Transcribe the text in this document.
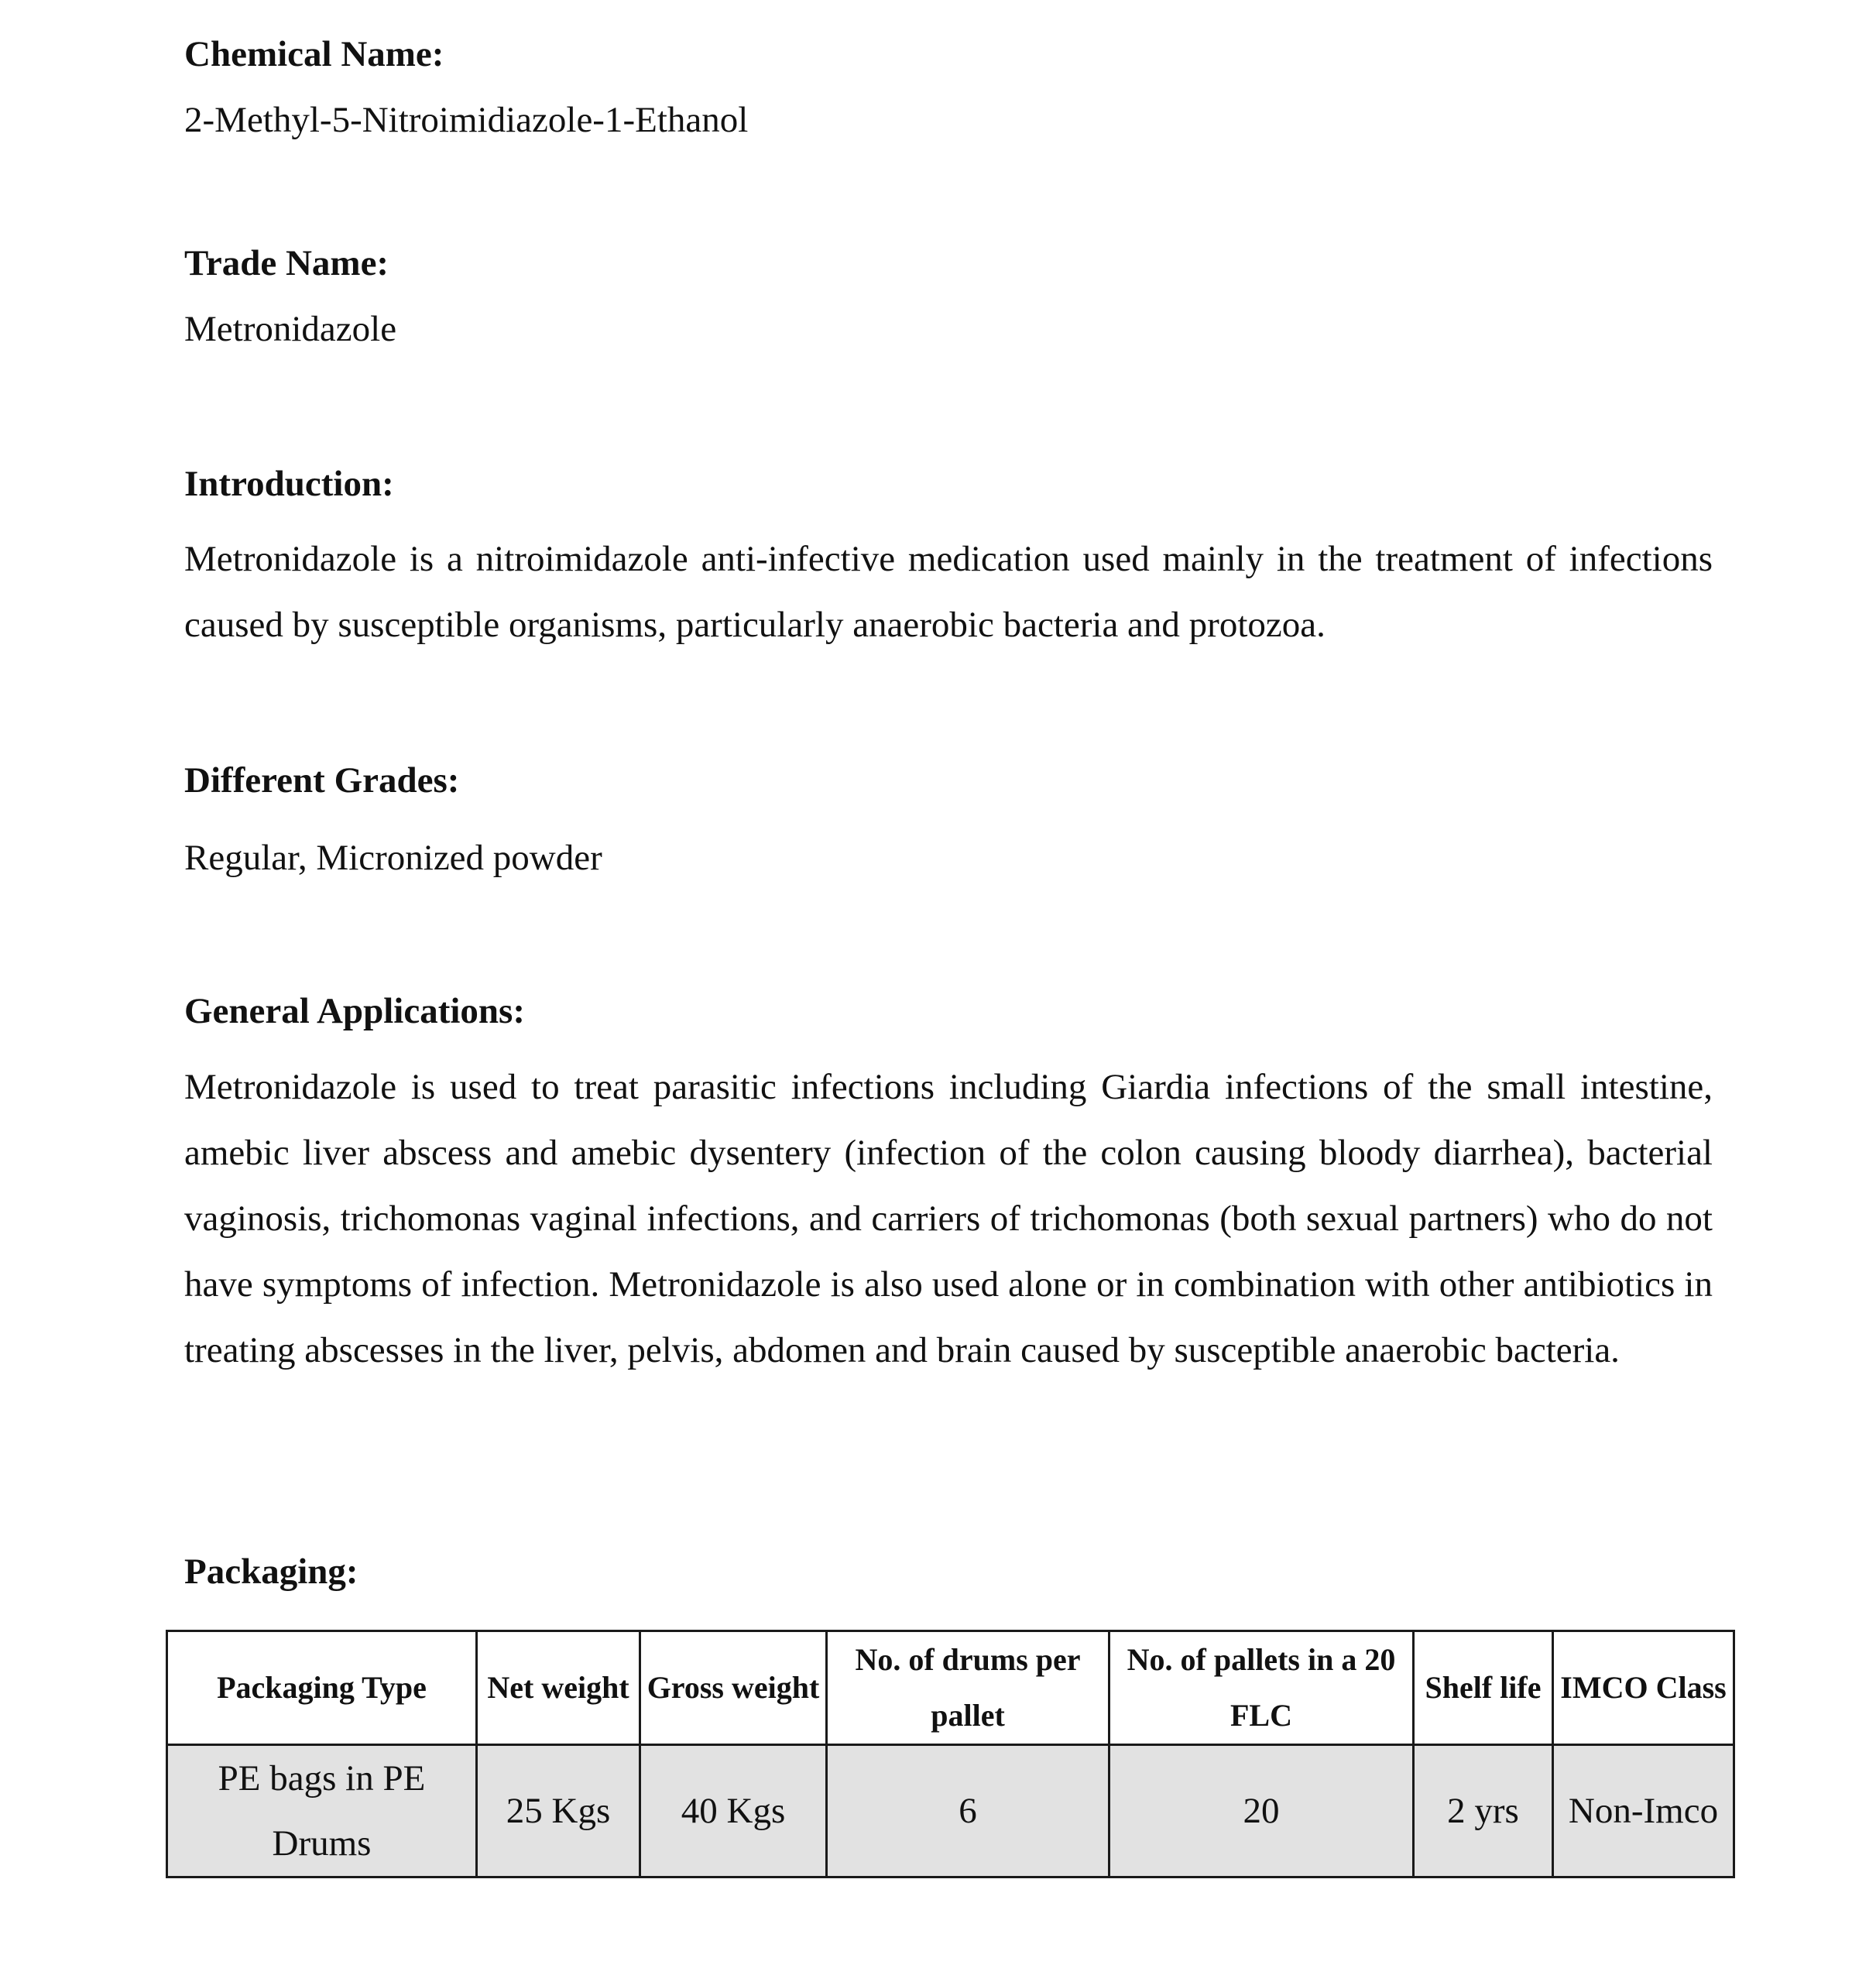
Chemical Name:

2-Methyl-5-Nitroimidiazole-1-Ethanol

Trade Name:

Metronidazole

Introduction:

Metronidazole is a nitroimidazole anti-infective medication used mainly in the treatment of infections caused by susceptible organisms, particularly anaerobic bacteria and protozoa.

Different Grades:

Regular, Micronized powder

General Applications:

Metronidazole is used to treat parasitic infections including Giardia infections of the small intestine, amebic liver abscess and amebic dysentery (infection of the colon causing bloody diarrhea), bacterial vaginosis, trichomonas vaginal infections, and carriers of trichomonas (both sexual partners) who do not have symptoms of infection. Metronidazole is also used alone or in combination with other antibiotics in treating abscesses in the liver, pelvis, abdomen and brain caused by susceptible anaerobic bacteria.

Packaging:
Packaging Type	Net weight	Gross weight	No. of drums per pallet	No. of pallets in a 20 FLC	Shelf life	IMCO Class
PE bags in PE Drums	25 Kgs	40 Kgs	6	20	2 yrs	Non-Imco
